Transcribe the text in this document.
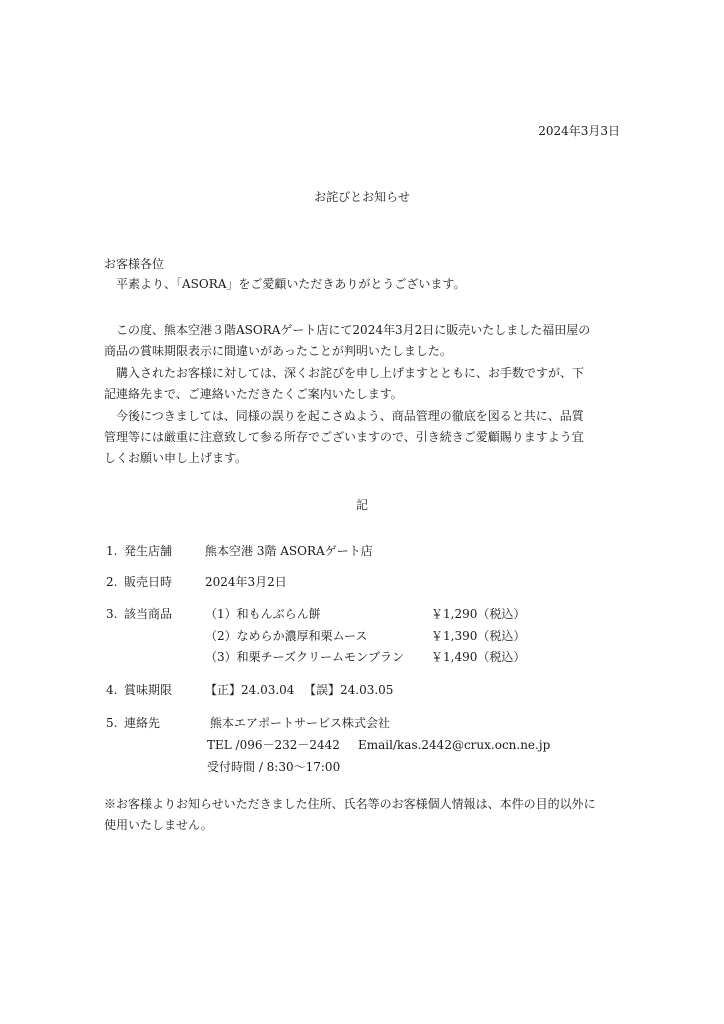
2024年3月3日
お詫びとお知らせ
お客様各位
平素より、「ASORA」をご愛顧いただきありがとうございます。
この度、熊本空港３階ASORAゲート店にて2024年3月2日に販売いたしました福田屋の
商品の賞味期限表示に間違いがあったことが判明いたしました。
購入されたお客様に対しては、深くお詫びを申し上げますとともに、お手数ですが、下
記連絡先まで、ご連絡いただきたくご案内いたします。
今後につきましては、同様の誤りを起こさぬよう、商品管理の徹底を図ると共に、品質
管理等には厳重に注意致して参る所存でございますので、引き続きご愛顧賜りますよう宜
しくお願い申し上げます。
記
1. 発生店舗	熊本空港 3階 ASORAゲート店
2. 販売日時	2024年3月2日
3. 該当商品	（1）和もんぶらん餅	￥1,290（税込）
（2）なめらか濃厚和栗ムース	￥1,390（税込）
（3）和栗チーズクリームモンブラン ￥1,490（税込）
4. 賞味期限	【正】24.03.04 【誤】24.03.05
5. 連絡先	熊本エアポートサービス株式会社
TEL /096－232－2442 Email/kas.2442@crux.ocn.ne.jp
受付時間 / 8:30～17:00
※お客様よりお知らせいただきました住所、氏名等のお客様個人情報は、本件の目的以外に
使用いたしません。
